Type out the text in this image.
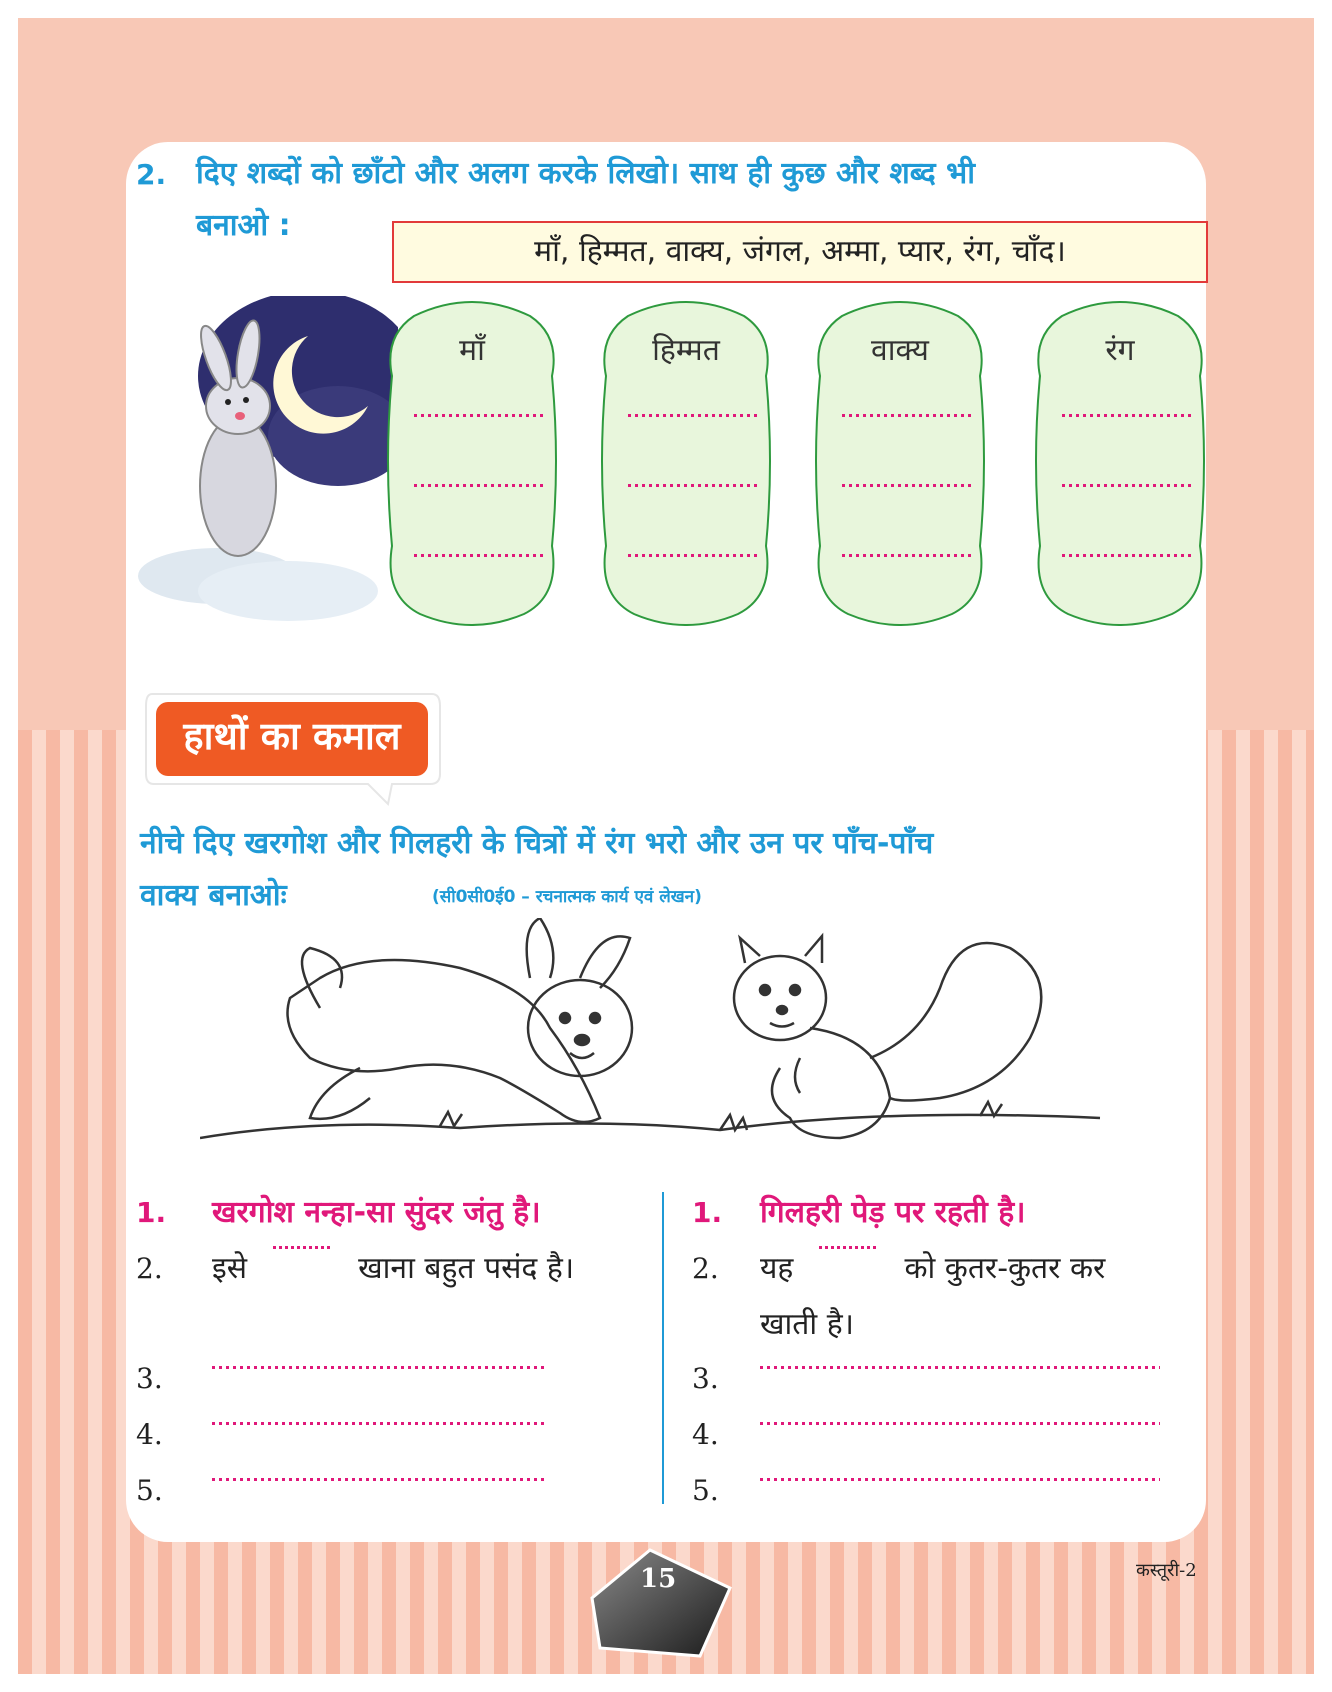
2. दिए शब्दों को छाँटो और अलग करके लिखो। साथ ही कुछ और शब्द भी
बनाओ :
माँ, हिम्मत, वाक्य, जंगल, अम्मा, प्यार, रंग, चाँद।
माँ	हिम्मत	वाक्य	रंग
हाथों का कमाल
नीचे दिए खरगोश और गिलहरी के चित्रों में रंग भरो और उन पर पाँच-पाँच
वाक्य बनाओः	(सी0सी0ई0 – रचनात्मक कार्य एवं लेखन)
1. खरगोश नन्हा-सा सुंदर जंतु है।
2. इसे	खाना बहुत पसंद है।
3.
4.
5.
1. गिलहरी पेड़ पर रहती है।
2. यह	को कुतर-कुतर कर
खाती है।
3.
4.
5.
कस्तूरी-2
15
